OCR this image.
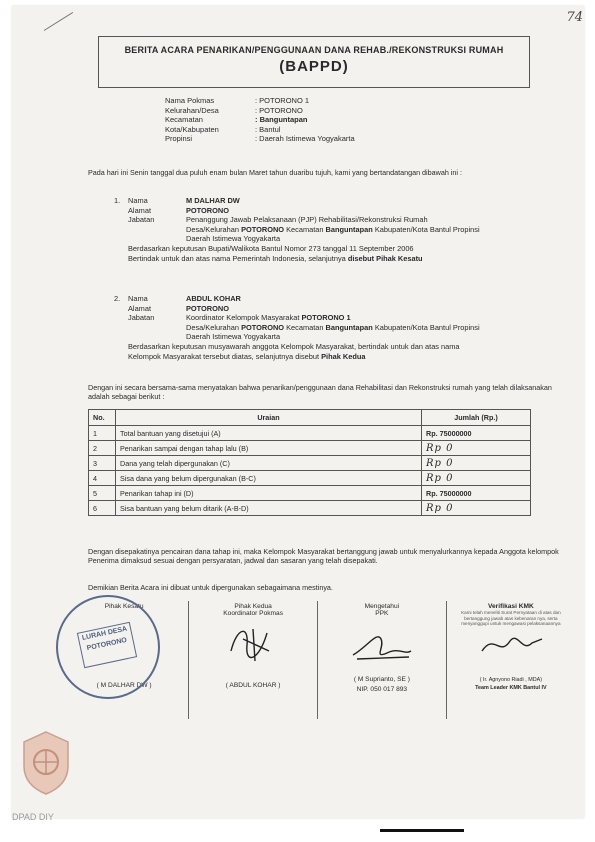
74
BERITA ACARA PENARIKAN/PENGGUNAAN DANA REHAB./REKONSTRUKSI RUMAH
(BAPPD)
Nama Pokmas	: POTORONO 1
Kelurahan/Desa	: POTORONO
Kecamatan	: Banguntapan
Kota/Kabupaten	: Bantul
Propinsi	: Daerah Istimewa Yogyakarta
Pada hari ini Senin tanggal dua puluh enam bulan Maret tahun duaribu tujuh, kami yang bertandatangan dibawah ini :
1.	Nama	M DALHAR DW
Alamat	POTORONO
Jabatan	Penanggung Jawab Pelaksanaan (PJP) Rehabilitasi/Rekonstruksi Rumah
Desa/Kelurahan POTORONO Kecamatan Banguntapan Kabupaten/Kota Bantul Propinsi
Daerah Istimewa Yogyakarta
Berdasarkan keputusan Bupati/Walikota Bantul Nomor 273 tanggal 11 September 2006
Bertindak untuk dan atas nama Pemerintah Indonesia, selanjutnya disebut Pihak Kesatu
2.	Nama	ABDUL KOHAR
Alamat	POTORONO
Jabatan	Koordinator Kelompok Masyarakat POTORONO 1
Desa/Kelurahan POTORONO Kecamatan Banguntapan Kabupaten/Kota Bantul Propinsi
Daerah Istimewa Yogyakarta
Berdasarkan keputusan musyawarah anggota Kelompok Masyarakat, bertindak untuk dan atas nama
Kelompok Masyarakat tersebut diatas, selanjutnya disebut Pihak Kedua
Dengan ini secara bersama-sama menyatakan bahwa penarikan/penggunaan dana Rehabilitasi dan Rekonstruksi rumah yang telah dilaksanakan adalah sebagai berikut :
No.	Uraian	Jumlah (Rp.)
1	Total bantuan yang disetujui (A)	Rp. 75000000
2	Penarikan sampai dengan tahap lalu (B)	Rp 0
3	Dana yang telah dipergunakan (C)	Rp 0
4	Sisa dana yang belum dipergunakan (B-C)	Rp 0
5	Penarikan tahap ini (D)	Rp. 75000000
6	Sisa bantuan yang belum ditarik (A-B-D)	Rp 0
Dengan disepakatinya pencairan dana tahap ini, maka Kelompok Masyarakat bertanggung jawab untuk menyalurkannya kepada Anggota kelompok Penerima dimaksud sesuai dengan persyaratan, jadwal dan sasaran yang telah disepakati.
Demikian Berita Acara ini dibuat untuk dipergunakan sebagaimana mestinya.
Pihak Kesatu
( M DALHAR DW )

Pihak Kedua
Koordinator Pokmas
( ABDUL KOHAR )

Mengetahui
PPK
( M Suprianto, SE )
NIP. 050 017 893

Verifikasi KMK
Kami telah meneliti Surat Pernyataan di atas dan bertanggung jawab atas kebenaran nya, serta menyanggupi untuk mengawasi pelaksanaannya
( Ir. Agnyono Riadi , MDA)
Team Leader KMK Bantul IV
LURAH DESA POTORONO
DPAD DIY
